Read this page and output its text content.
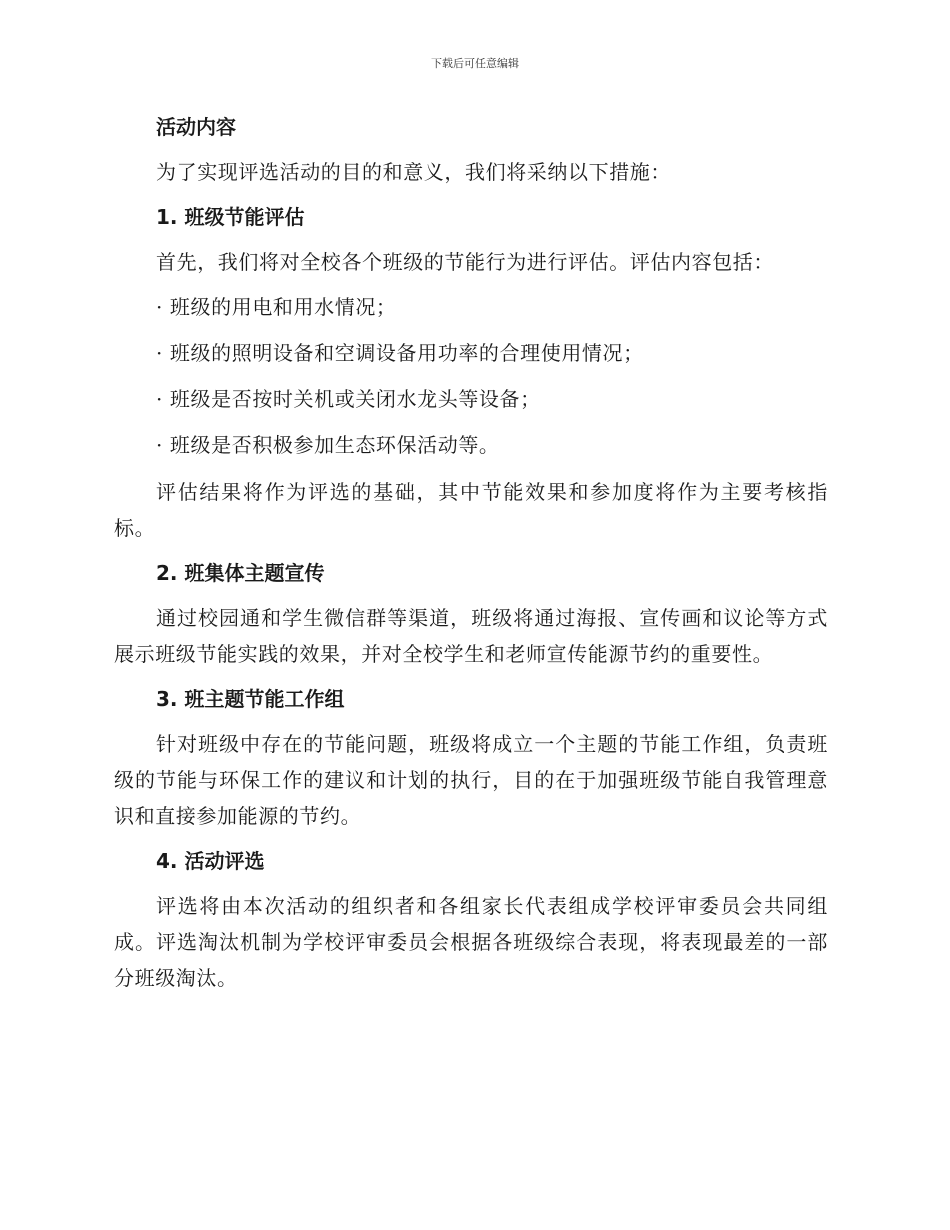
下载后可任意编辑
活动内容

为了实现评选活动的目的和意义，我们将采纳以下措施：

1. 班级节能评估

首先，我们将对全校各个班级的节能行为进行评估。评估内容包括：

· 班级的用电和用水情况；
· 班级的照明设备和空调设备用功率的合理使用情况；
· 班级是否按时关机或关闭水龙头等设备；
· 班级是否积极参加生态环保活动等。

评估结果将作为评选的基础，其中节能效果和参加度将作为主要考核指标。

2. 班集体主题宣传

通过校园通和学生微信群等渠道，班级将通过海报、宣传画和议论等方式展示班级节能实践的效果，并对全校学生和老师宣传能源节约的重要性。

3. 班主题节能工作组

针对班级中存在的节能问题，班级将成立一个主题的节能工作组，负责班级的节能与环保工作的建议和计划的执行，目的在于加强班级节能自我管理意识和直接参加能源的节约。

4. 活动评选

评选将由本次活动的组织者和各组家长代表组成学校评审委员会共同组成。评选淘汰机制为学校评审委员会根据各班级综合表现，将表现最差的一部分班级淘汰。
